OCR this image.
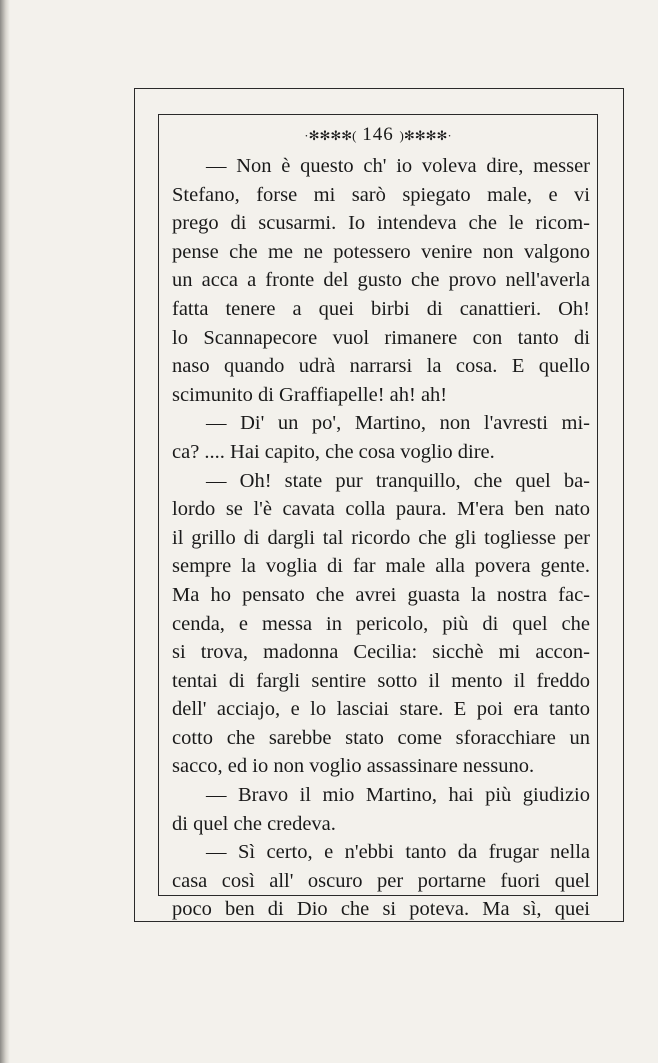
·✻✻✻✻( 146 )✻✻✻✻·
— Non è questo ch' io voleva dire, messer
Stefano, forse mi sarò spiegato male, e vi
prego di scusarmi. Io intendeva che le ricom-
pense che me ne potessero venire non valgono
un acca a fronte del gusto che provo nell'averla
fatta tenere a quei birbi di canattieri. Oh!
lo Scannapecore vuol rimanere con tanto di
naso quando udrà narrarsi la cosa. E quello
scimunito di Graffiapelle! ah! ah!
— Di' un po', Martino, non l'avresti mi-
ca? .... Hai capito, che cosa voglio dire.
— Oh! state pur tranquillo, che quel ba-
lordo se l'è cavata colla paura. M'era ben nato
il grillo di dargli tal ricordo che gli togliesse per
sempre la voglia di far male alla povera gente.
Ma ho pensato che avrei guasta la nostra fac-
cenda, e messa in pericolo, più di quel che
si trova, madonna Cecilia: sicchè mi accon-
tentai di fargli sentire sotto il mento il freddo
dell' acciajo, e lo lasciai stare. E poi era tanto
cotto che sarebbe stato come sforacchiare un
sacco, ed io non voglio assassinare nessuno.
— Bravo il mio Martino, hai più giudizio
di quel che credeva.
— Sì certo, e n'ebbi tanto da frugar nella
casa così all' oscuro per portarne fuori quel
poco ben di Dio che si poteva. Ma sì, quei
